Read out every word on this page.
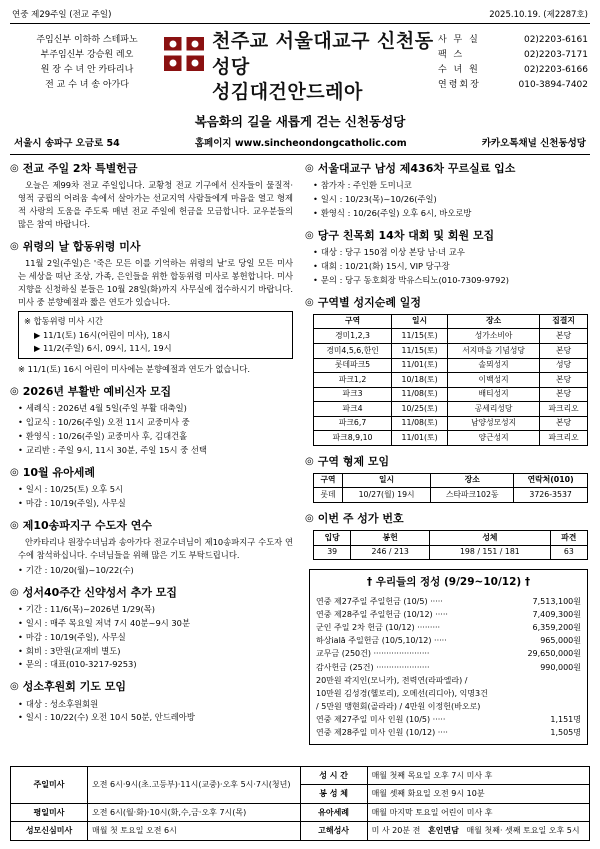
연중 제29주일 (전교 주일)	2025.10.19. (제2287호)
주임신부 이하하 스테파노
부주임신부 강승원 레오
원 장 수 녀 안 카타리나
전 교 수 녀 송 아가다
천주교 서울대교구 신천동성당
성김대건안드레아
사 무 실	02)2203-6161
팩 스	02)2203-7171
수 녀 원	02)2203-6166
연령회장	010-3894-7402
복음화의 길을 새롭게 걷는 신천동성당
서울시 송파구 오금로 54	홈페이지 www.sincheondongcatholic.com	카카오톡채널 신천동성당
◎ 전교 주일 2차 특별헌금

오늘은 제99차 전교 주일입니다. 교황청 전교 기구에서 신자들이 물질적·영적 궁핍의 어려움 속에서 살아가는 선교지역 사람들에게 마음을 열고 형제적 사랑의 도움을 주도록 매년 전교 주일에 헌금을 모금합니다. 교우분들의 많은 참여 바랍니다.

◎ 위령의 날 합동위령 미사

11월 2일(주일)은 '죽은 모든 이를 기억하는 위령의 날'로 당일 모든 미사는 세상을 떠난 조상, 가족, 은인들을 위한 합동위령 미사로 봉헌합니다. 미사 지향을 신청하실 분들은 10월 28일(화)까지 사무실에 접수하시기 바랍니다. 미사 중 분향예절과 짧은 연도가 있습니다.

※ 합동위령 미사 시간
▶ 11/1(토) 16시(어린이 미사), 18시
▶ 11/2(주일) 6시, 09시, 11시, 19시

※ 11/1(토) 16시 어린이 미사에는 분향예절과 연도가 없습니다.

◎ 2026년 부활반 예비신자 모집
• 세례식 : 2026년 4월 5일(주일 부활 대축일)
• 입교식 : 10/26(주일) 오전 11시 교중미사 중
• 환영식 : 10/26(주일) 교중미사 후, 김대건홀
• 교리반 : 주일 9시, 11시 30분, 주일 15시 중 선택
◎ 10월 유아세례
• 일시 : 10/25(토) 오후 5시
• 마감 : 10/19(주일), 사무실
◎ 제10송파지구 수도자 연수

안카타리나 원장수녀님과 송아가다 전교수녀님이 제10송파지구 수도자 연수에 참석하십니다. 수녀님들을 위해 많은 기도 부탁드립니다.

• 기간 : 10/20(월)~10/22(수)
◎ 성서40주간 신약성서 추가 모집
• 기간 : 11/6(목)~2026년 1/29(목)
• 일시 : 매주 목요일 저녁 7시 40분~9시 30분
• 마감 : 10/19(주일), 사무실
• 회비 : 3만원(교재비 별도)
• 문의 : 대표(010-3217-9253)
◎ 성소후원회 기도 모임
• 대상 : 성소후원회원
• 일시 : 10/22(수) 오전 10시 50분, 안드레아방
◎ 서울대교구 남성 제436차 꾸르실료 입소
• 참가자 : 주인환 도미니코
• 일시 : 10/23(목)~10/26(주일)
• 환영식 : 10/26(주일) 오후 6시, 바오로방
◎ 당구 친목회 14차 대회 및 회원 모집
• 대상 : 당구 150점 이상 본당 남·녀 교우
• 대회 : 10/21(화) 15시, VIP 당구장
• 문의 : 당구 동호회장 박유스티노(010-7309-9792)
◎ 구역별 성지순례 일정
구역	일시	장소	집결지
경미1,2,3	11/15(토)	성가소비아	본당
경미4,5,6,한인	11/15(토)	서지마을 기념성당	본당
롯데파크5	11/01(토)	솔뫼성지	성당
파크1,2	10/18(토)	이백성지	본당
파크3	11/08(토)	배티성지	본당
파크4	10/25(토)	공세리성당	파크리오
파크6,7	11/08(토)	남양성모성지	본당
파크8,9,10	11/01(토)	양근성지	파크리오
◎ 구역 형제 모임
구역	일시	장소	연락처(010)
롯데	10/27(월) 19시	스타파크102동	3726-3537
◎ 이번 주 성가 번호
입당	봉헌	성체	파견
39	246 / 213	198 / 151 / 181	63
† 우리들의 정성 (9/29~10/12) †
연중 제27주일 주일헌금 (10/5) ·····	7,513,100원
연중 제28주일 주일헌금 (10/12) ·····	7,409,300원
군인 주일 2차 헌금 (10/12) ·········	6,359,200원
하상ială 주일헌금 (10/5,10/12) ·····	965,000원
교무금 (250건) ······················	29,650,000원
감사헌금 (25건) ·····················	990,000원
20만원 곽지인(모니카), 전력연(라파엘라) /
10만원 김성경(헬로리), 오메선(리디아), 익명3건
/ 5만원 맹현회(골라라) / 4만원 이정헌(바오로)
연중 제27주일 미사 인원 (10/5) ·····	1,151명
연중 제28주일 미사 인원 (10/12) ····	1,505명
주일미사	오전 6시·9시(초.고등부)·11시(교중)·오후 5시·7시(청년)	성 시 간	매월 첫째 목요일 오후 7시 미사 후
		봉 성 체	매월 셋째 화요일 오전 9시 10분
평일미사	오전 6시(월·화)·10시(화,수,금·오후 7시(목)	유아세례	매월 마지막 토요일 어린이 미사 후
성모신심미사	매월 첫 토요일 오전 6시	고해성사	미 사 20분 전 혼인면담 매월 첫째· 셋째 토요일 오후 5시
